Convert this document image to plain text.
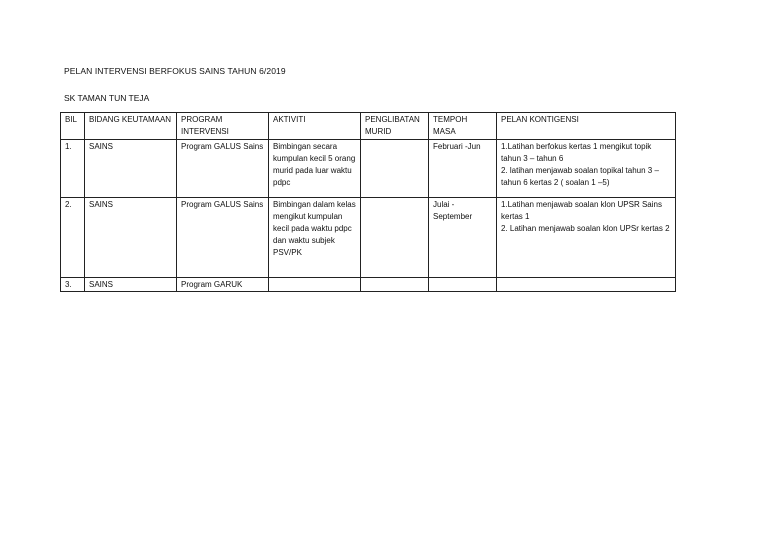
PELAN INTERVENSI BERFOKUS SAINS TAHUN 6/2019
SK TAMAN TUN TEJA
BIL	BIDANG KEUTAMAAN	PROGRAM INTERVENSI	AKTIVITI	PENGLIBATAN MURID	TEMPOH MASA	PELAN KONTIGENSI
1.	SAINS	Program GALUS Sains	Bimbingan secara kumpulan kecil 5 orang murid pada luar waktu pdpc		Februari -Jun	1.Latihan berfokus kertas 1 mengikut topik tahun 3 – tahun 6
2. latihan menjawab soalan topikal tahun 3 – tahun 6 kertas 2 ( soalan 1 –5)

2.	SAINS	Program GALUS Sains	Bimbingan dalam kelas mengikut kumpulan kecil pada waktu pdpc dan waktu subjek PSV/PK		Julai - September	1.Latihan menjawab soalan klon UPSR Sains kertas 1
2. Latihan menjawab soalan klon UPSr kertas 2

3.	SAINS	Program GARUK				
